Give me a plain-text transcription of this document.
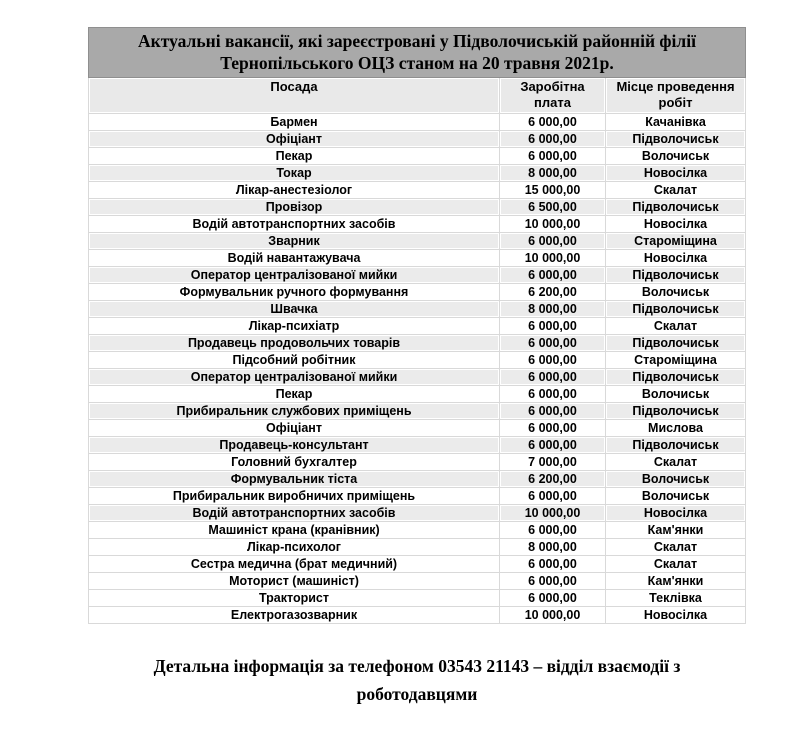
Актуальні вакансії, які зареєстровані у Підволочиській районній філії Тернопільського ОЦЗ станом на 20 травня 2021р.
Посада	Заробітна плата	Місце проведення робіт
Бармен	6 000,00	Качанівка
Офіціант	6 000,00	Підволочиськ
Пекар	6 000,00	Волочиськ
Токар	8 000,00	Новосілка
Лікар-анестезіолог	15 000,00	Скалат
Провізор	6 500,00	Підволочиськ
Водій автотранспортних засобів	10 000,00	Новосілка
Зварник	6 000,00	Староміщина
Водій навантажувача	10 000,00	Новосілка
Оператор централізованої мийки	6 000,00	Підволочиськ
Формувальник ручного формування	6 200,00	Волочиськ
Швачка	8 000,00	Підволочиськ
Лікар-психіатр	6 000,00	Скалат
Продавець продовольчих товарів	6 000,00	Підволочиськ
Підсобний робітник	6 000,00	Староміщина
Оператор централізованої мийки	6 000,00	Підволочиськ
Пекар	6 000,00	Волочиськ
Прибиральник службових приміщень	6 000,00	Підволочиськ
Офіціант	6 000,00	Мислова
Продавець-консультант	6 000,00	Підволочиськ
Головний бухгалтер	7 000,00	Скалат
Формувальник тіста	6 200,00	Волочиськ
Прибиральник виробничих приміщень	6 000,00	Волочиськ
Водій автотранспортних засобів	10 000,00	Новосілка
Машиніст крана (кранівник)	6 000,00	Кам'янки
Лікар-психолог	8 000,00	Скалат
Сестра медична (брат медичний)	6 000,00	Скалат
Моторист (машиніст)	6 000,00	Кам'янки
Тракторист	6 000,00	Теклівка
Електрогазозварник	10 000,00	Новосілка
Детальна інформація за телефоном 03543 21143 – відділ взаємодії з роботодавцями
